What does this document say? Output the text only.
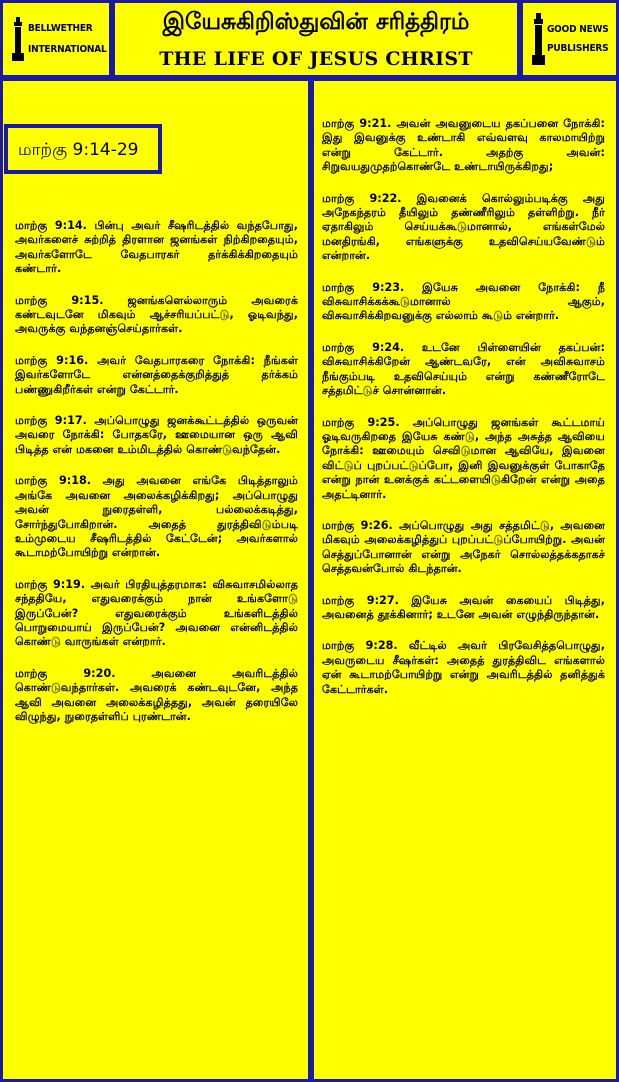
BELLWETHER
INTERNATIONAL
இயேசுகிறிஸ்துவின் சரித்திரம்
THE LIFE OF JESUS CHRIST
GOOD NEWS
PUBLISHERS
மாற்கு 9:14-29

மாற்கு 9:14. பின்பு அவர் சீஷரிடத்தில் வந்தபோது, அவர்களைச் சுற்றித் திரளான ஜனங்கள் நிற்கிறதையும், அவர்களோடே வேதபாரகர் தர்க்கிக்கிறதையும் கண்டார்.

மாற்கு 9:15. ஜனங்களெல்லாரும் அவரைக் கண்டவுடனே மிகவும் ஆச்சரியப்பட்டு, ஓடிவந்து, அவருக்கு வந்தனஞ்செய்தார்கள்.

மாற்கு 9:16. அவர் வேதபாரகரை நோக்கி: நீங்கள் இவர்களோடே என்னத்தைக்குறித்துத் தர்க்கம் பண்ணுகிறீர்கள் என்று கேட்டார்.

மாற்கு 9:17. அப்பொழுது ஜனக்கூட்டத்தில் ஒருவன் அவரை நோக்கி: போதகரே, ஊமையான ஒரு ஆவி பிடித்த என் மகனை உம்மிடத்தில் கொண்டுவந்தேன்.

மாற்கு 9:18. அது அவனை எங்கே பிடித்தாலும் அங்கே அவனை அலைக்கழிக்கிறது; அப்பொழுது அவன் நுரைதள்ளி, பல்லைக்கடித்து, சோர்ந்துபோகிறான். அதைத் துரத்திவிடும்படி உம்முடைய சீஷரிடத்தில் கேட்டேன்; அவர்களால் கூடாமற்போயிற்று என்றான்.

மாற்கு 9:19. அவர் பிரதியுத்தரமாக: விசுவாசமில்லாத சந்ததியே, எதுவரைக்கும் நான் உங்களோடு இருப்பேன்? எதுவரைக்கும் உங்களிடத்தில் பொறுமையாய் இருப்பேன்? அவனை என்னிடத்தில் கொண்டு வாருங்கள் என்றார்.

மாற்கு 9:20. அவனை அவரிடத்தில் கொண்டுவந்தார்கள். அவரைக் கண்டவுடனே, அந்த ஆவி அவனை அலைக்கழித்தது, அவன் தரையிலே விழுந்து, நுரைதள்ளிப் புரண்டான்.

மாற்கு 9:21. அவன் அவனுடைய தகப்பனை நோக்கி: இது இவனுக்கு உண்டாகி எவ்வளவு காலமாயிற்று என்று கேட்டார். அதற்கு அவன்: சிறுவயதுமுதற்கொண்டே உண்டாயிருக்கிறது;

மாற்கு 9:22. இவனைக் கொல்லும்படிக்கு அது அநேகந்தரம் தீயிலும் தண்ணீரிலும் தள்ளிற்று. நீர் ஏதாகிலும் செய்யக்கூடுமானால், எங்கள்மேல் மனதிரங்கி, எங்களுக்கு உதவிசெய்யவேண்டும் என்றான்.

மாற்கு 9:23. இயேசு அவனை நோக்கி: நீ விசுவாசிக்கக்கூடுமானால் ஆகும், விசுவாசிக்கிறவனுக்கு எல்லாம் கூடும் என்றார்.

மாற்கு 9:24. உடனே பிள்ளையின் தகப்பன்: விசுவாசிக்கிறேன் ஆண்டவரே, என் அவிசுவாசம் நீங்கும்படி உதவிசெய்யும் என்று கண்ணீரோடே சத்தமிட்டுச் சொன்னான்.

மாற்கு 9:25. அப்பொழுது ஜனங்கள் கூட்டமாய் ஓடிவருகிறதை இயேசு கண்டு, அந்த அசுத்த ஆவியை நோக்கி: ஊமையும் செவிடுமான ஆவியே, இவனை விட்டுப் புறப்பட்டுப்போ, இனி இவனுக்குள் போகாதே என்று நான் உனக்குக் கட்டளையிடுகிறேன் என்று அதை அதட்டினார்.

மாற்கு 9:26. அப்பொழுது அது சத்தமிட்டு, அவனை மிகவும் அலைக்கழித்துப் புறப்பட்டுப்போயிற்று. அவன் செத்துப்போனான் என்று அநேகர் சொல்லத்தக்கதாகச் செத்தவன்போல் கிடந்தான்.

மாற்கு 9:27. இயேசு அவன் கையைப் பிடித்து, அவனைத் தூக்கினார்; உடனே அவன் எழுந்திருந்தான்.

மாற்கு 9:28. வீட்டில் அவர் பிரவேசித்தபொழுது, அவருடைய சீஷர்கள்: அதைத் துரத்திவிட எங்களால் ஏன் கூடாமற்போயிற்று என்று அவரிடத்தில் தனித்துக் கேட்டார்கள்.
